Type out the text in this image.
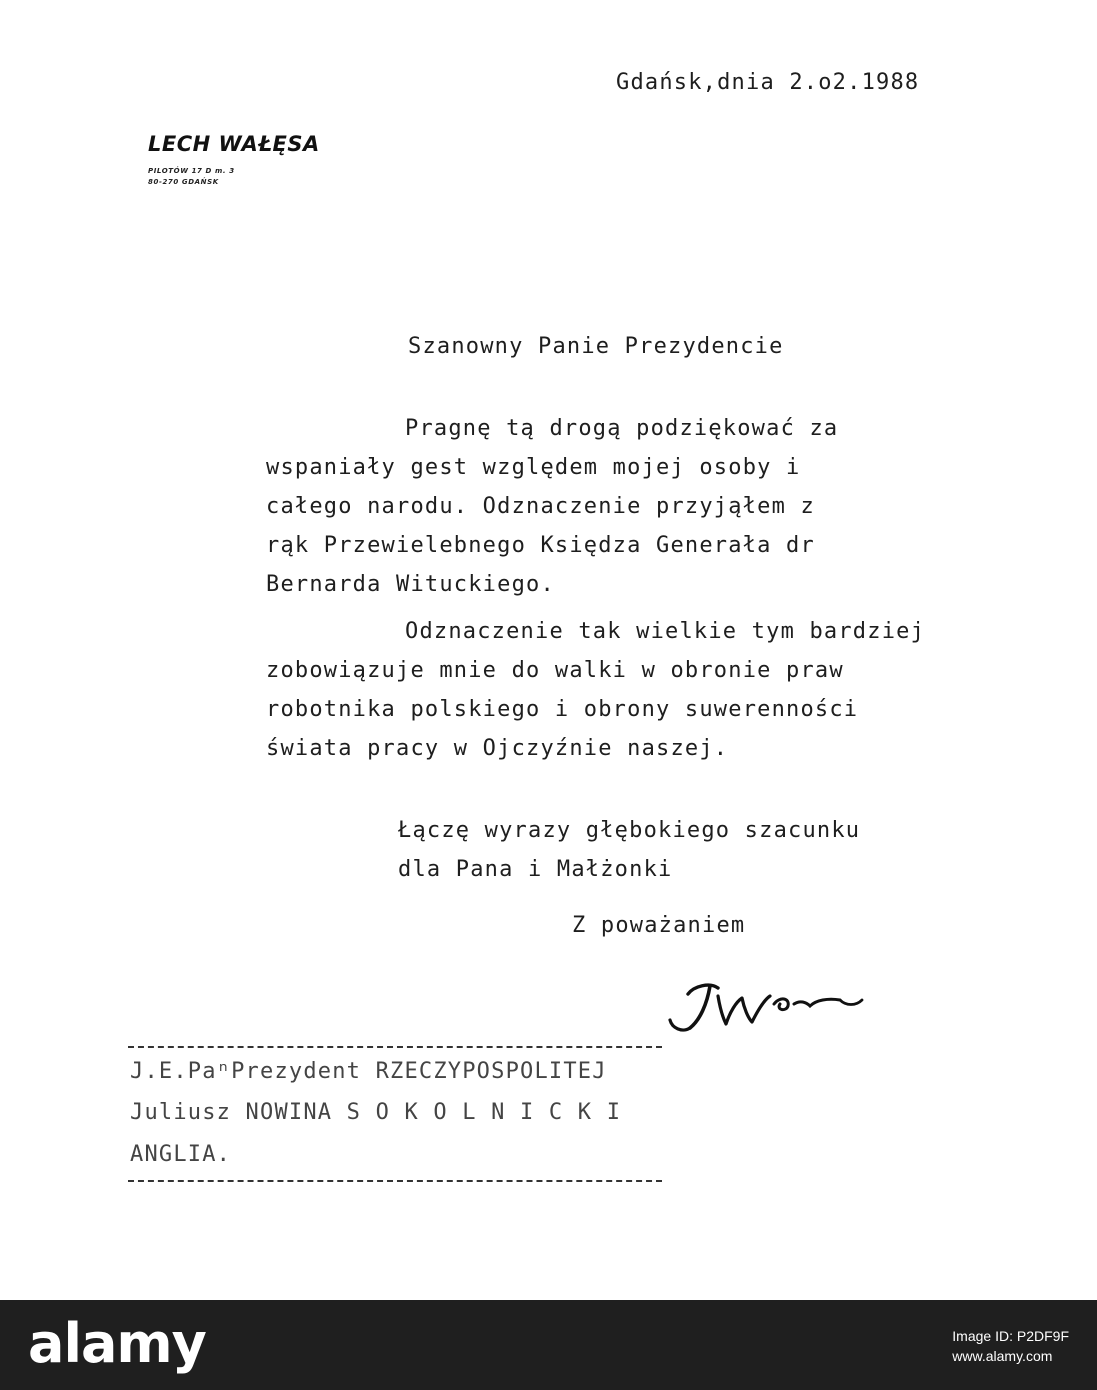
Gdańsk,dnia 2.o2.1988
LECH WAŁĘSA
PILOTÓW 17 D m. 3
80-270 GDAŃSK
Szanowny Panie Prezydencie
Pragnę tą drogą podziękować za
wspaniały gest względem mojej osoby i
całego narodu. Odznaczenie przyjąłem z
rąk Przewielebnego Księdza Generała dr
Bernarda Wituckiego.
Odznaczenie tak wielkie tym bardziej
zobowiązuje mnie do walki w obronie praw
robotnika polskiego i obrony suwerenności
świata pracy w Ojczyźnie naszej.
Łączę wyrazy głębokiego szacunku
dla Pana i Małżonki
Z poważaniem
J.E.PaⁿPrezydent RZECZYPOSPOLITEJ
Juliusz NOWINA S O K O L N I C K I
ANGLIA.
alamy	Image ID: P2DF9F
www.alamy.com
